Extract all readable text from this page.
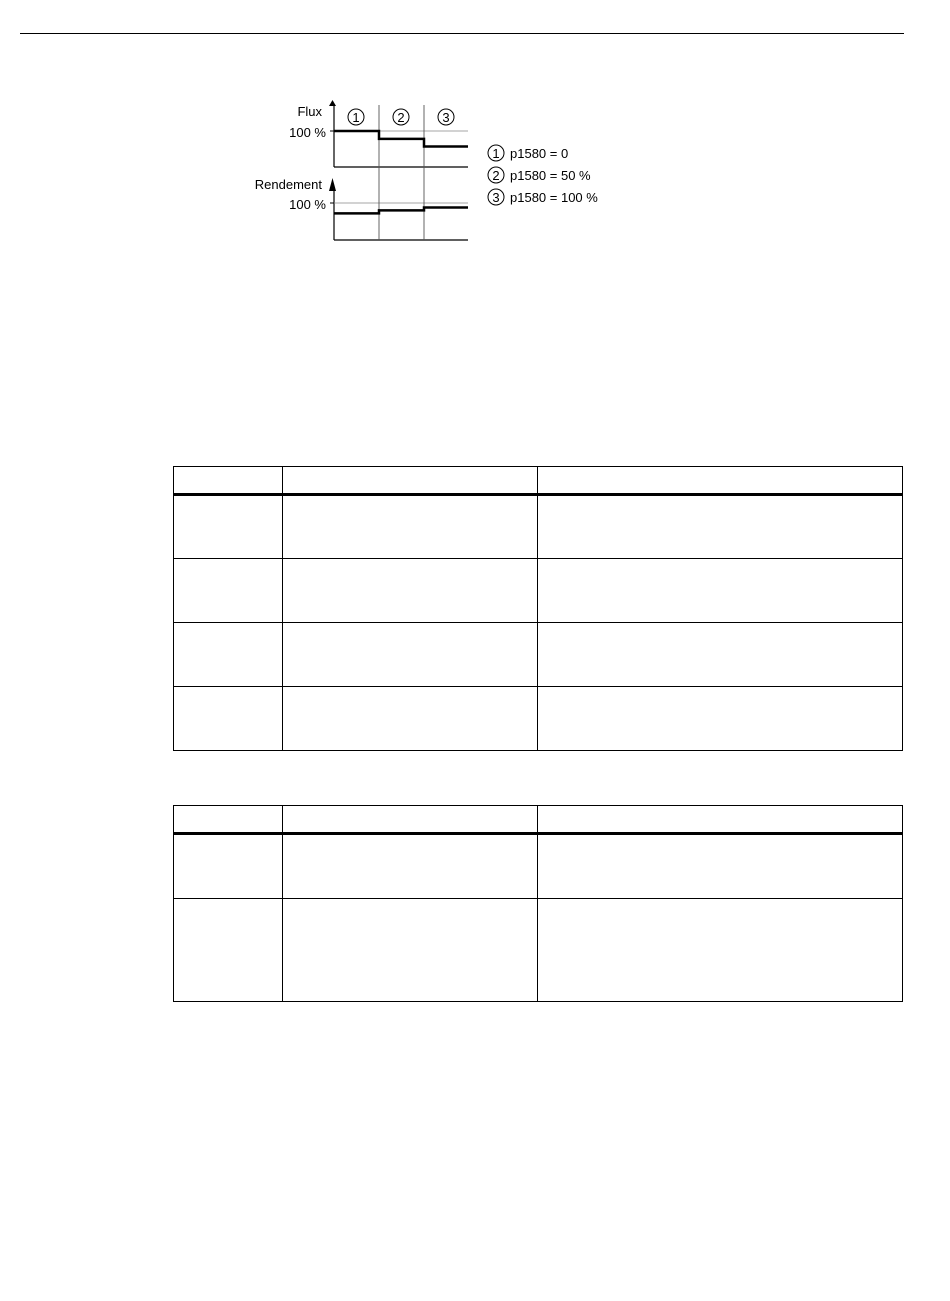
Flux
100 %
Rendement
100 %
1	2	3
1 p1580 = 0
2 p1580 = 50 %
3 p1580 = 100 %
